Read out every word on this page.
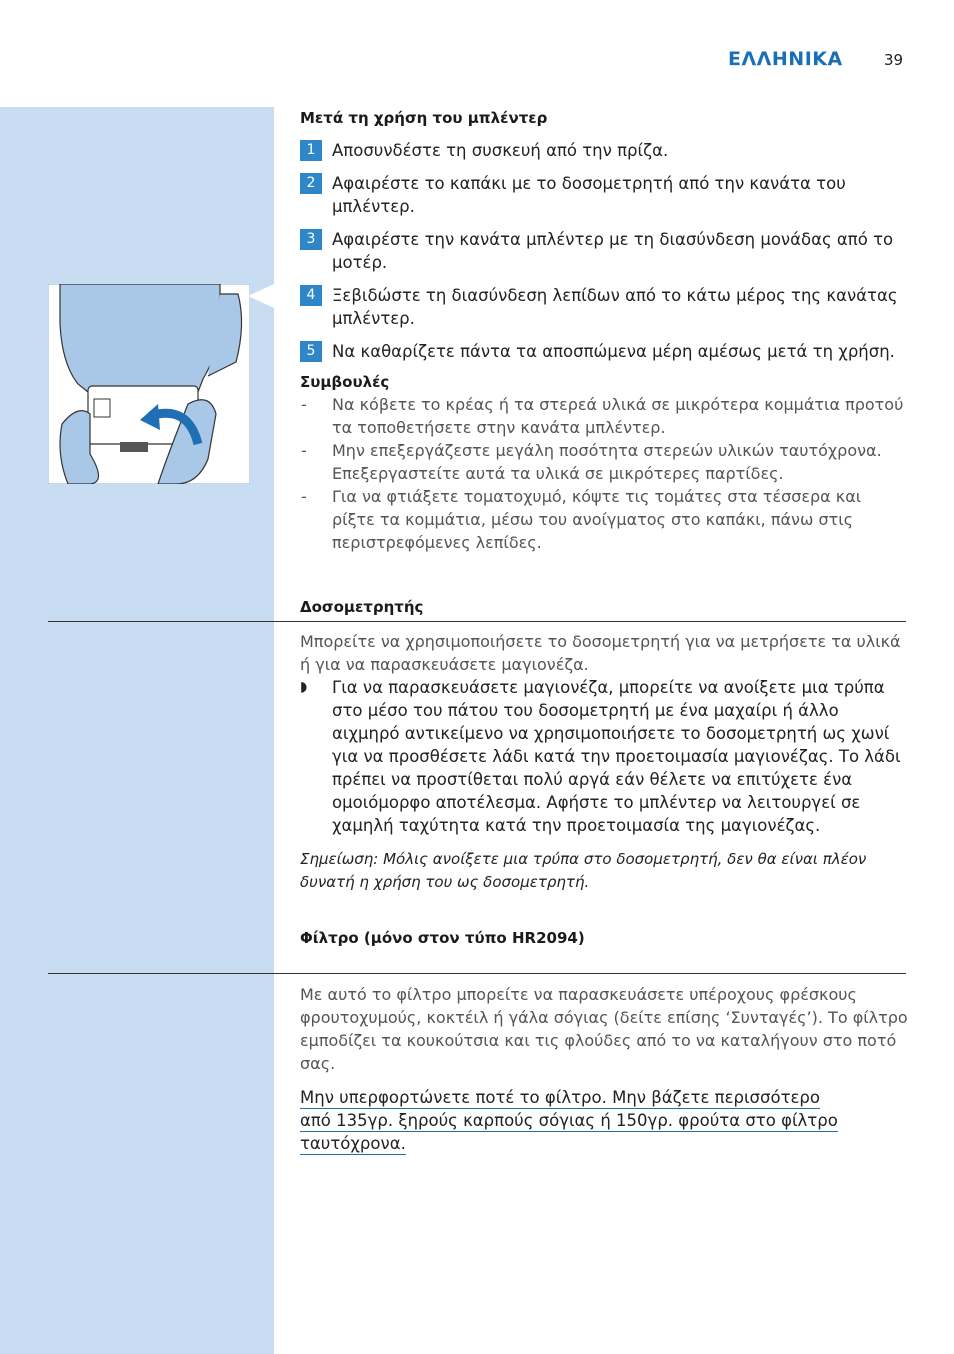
ΕΛΛΗΝΙΚΑ	39
Μετά τη χρήση του μπλέντερ
1	Αποσυνδέστε τη συσκευή από την πρίζα.
2	Αφαιρέστε το καπάκι με το δοσομετρητή από την κανάτα του μπλέντερ.
3	Αφαιρέστε την κανάτα μπλέντερ με τη διασύνδεση μονάδας από το μοτέρ.
4	Ξεβιδώστε τη διασύνδεση λεπίδων από το κάτω μέρος της κανάτας μπλέντερ.
5	Να καθαρίζετε πάντα τα αποσπώμενα μέρη αμέσως μετά τη χρήση.
Συμβουλές
- Να κόβετε το κρέας ή τα στερεά υλικά σε μικρότερα κομμάτια προτού τα τοποθετήσετε στην κανάτα μπλέντερ.
- Μην επεξεργάζεστε μεγάλη ποσότητα στερεών υλικών ταυτόχρονα. Επεξεργαστείτε αυτά τα υλικά σε μικρότερες παρτίδες.
- Για να φτιάξετε τοματοχυμό, κόψτε τις τομάτες στα τέσσερα και ρίξτε τα κομμάτια, μέσω του ανοίγματος στο καπάκι, πάνω στις περιστρεφόμενες λεπίδες.
Δοσομετρητής
Μπορείτε να χρησιμοποιήσετε το δοσομετρητή για να μετρήσετε τα υλικά ή για να παρασκευάσετε μαγιονέζα.
◗ Για να παρασκευάσετε μαγιονέζα, μπορείτε να ανοίξετε μια τρύπα στο μέσο του πάτου του δοσομετρητή με ένα μαχαίρι ή άλλο αιχμηρό αντικείμενο να χρησιμοποιήσετε το δοσομετρητή ως χωνί για να προσθέσετε λάδι κατά την προετοιμασία μαγιονέζας. Το λάδι πρέπει να προστίθεται πολύ αργά εάν θέλετε να επιτύχετε ένα ομοιόμορφο αποτέλεσμα. Αφήστε το μπλέντερ να λειτουργεί σε χαμηλή ταχύτητα κατά την προετοιμασία της μαγιονέζας.
Σημείωση: Μόλις ανοίξετε μια τρύπα στο δοσομετρητή, δεν θα είναι πλέον δυνατή η χρήση του ως δοσομετρητή.
Φίλτρο (μόνο στον τύπο HR2094)
Με αυτό το φίλτρο μπορείτε να παρασκευάσετε υπέροχους φρέσκους φρουτοχυμούς, κοκτέιλ ή γάλα σόγιας (δείτε επίσης ‘Συνταγές’). Το φίλτρο εμποδίζει τα κουκούτσια και τις φλούδες από το να καταλήγουν στο ποτό σας.
Μην υπερφορτώνετε ποτέ το φίλτρο. Μην βάζετε περισσότερο
από 135γρ. ξηρούς καρπούς σόγιας ή 150γρ. φρούτα στο φίλτρο
ταυτόχρονα.
